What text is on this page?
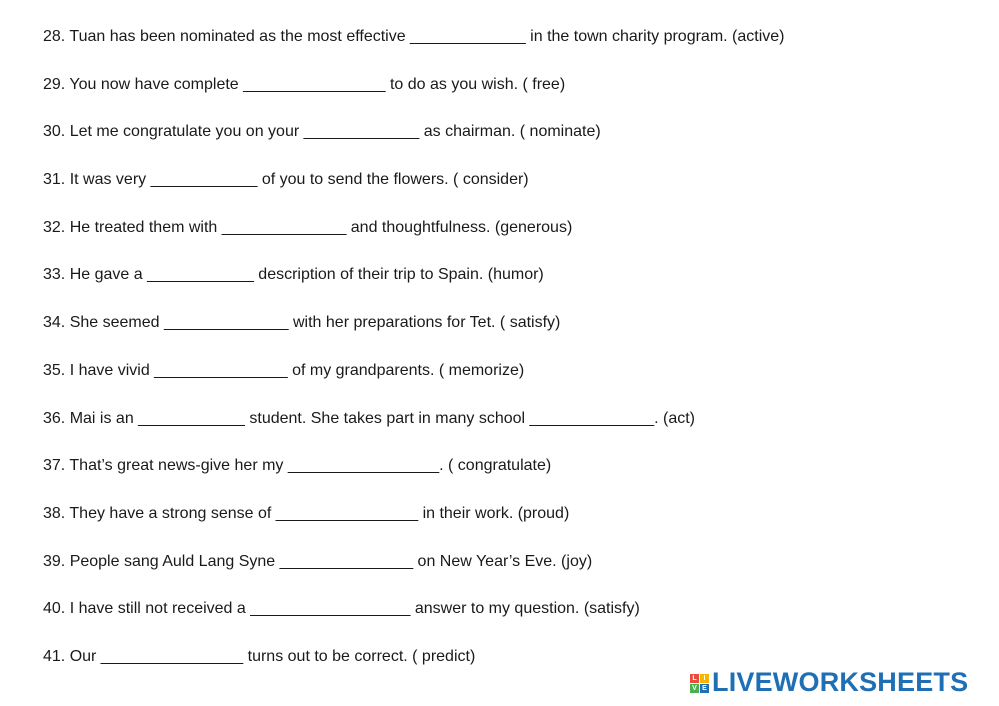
28. Tuan has been nominated as the most effective _____________ in the town charity program. (active)
29. You now have complete ________________ to do as you wish. ( free)
30. Let me congratulate you on your _____________ as chairman. ( nominate)
31. It was very ____________ of you to send the flowers. ( consider)
32. He treated them with ______________ and thoughtfulness. (generous)
33. He gave a ____________ description of their trip to Spain. (humor)
34. She seemed ______________ with her preparations for Tet. ( satisfy)
35. I have vivid _______________ of my grandparents. ( memorize)
36. Mai is an ____________ student. She takes part in many school ______________. (act)
37. That’s great news-give her my _________________. ( congratulate)
38. They have a strong sense of ________________ in their work. (proud)
39. People sang Auld Lang Syne _______________ on New Year’s Eve. (joy)
40. I have still not received a __________________ answer to my question. (satisfy)
41. Our ________________ turns out to be correct. ( predict)
L I
V E LIVEWORKSHEETS
